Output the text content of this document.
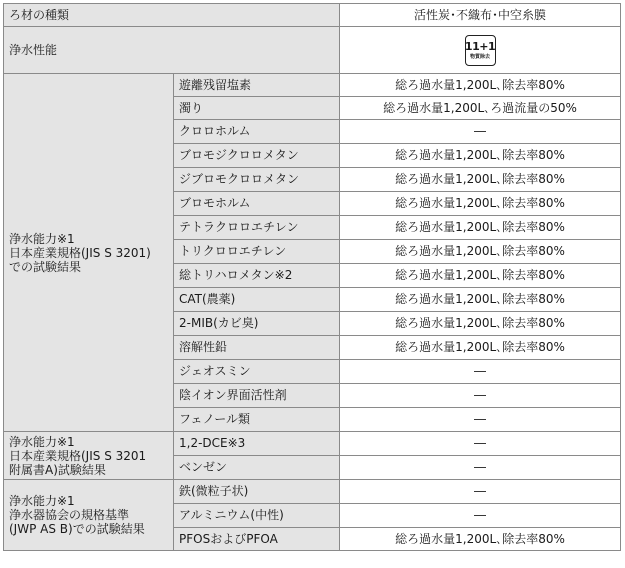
ろ材の種類		活性炭･不織布･中空糸膜
浄水性能		11+1
物質除去

浄水能力※1
日本産業規格(JIS S 3201)
での試験結果	遊離残留塩素	総ろ過水量1,200L､除去率80%
	濁り	総ろ過水量1,200L､ろ過流量の50%
	クロロホルム	―
	ブロモジクロロメタン	総ろ過水量1,200L､除去率80%
	ジブロモクロロメタン	総ろ過水量1,200L､除去率80%
	ブロモホルム	総ろ過水量1,200L､除去率80%
	テトラクロロエチレン	総ろ過水量1,200L､除去率80%
	トリクロロエチレン	総ろ過水量1,200L､除去率80%
	総トリハロメタン※2	総ろ過水量1,200L､除去率80%
	CAT(農薬)	総ろ過水量1,200L､除去率80%
	2-MIB(カビ臭)	総ろ過水量1,200L､除去率80%
	溶解性鉛	総ろ過水量1,200L､除去率80%
	ジェオスミン	―
	陰イオン界面活性剤	―
	フェノール類	―

浄水能力※1
日本産業規格(JIS S 3201
附属書A)試験結果	1,2-DCE※3	―
	ベンゼン	―

浄水能力※1
浄水器協会の規格基準
(JWP AS B)での試験結果	鉄(微粒子状)	―
	アルミニウム(中性)	―
	PFOSおよびPFOA	総ろ過水量1,200L､除去率80%
